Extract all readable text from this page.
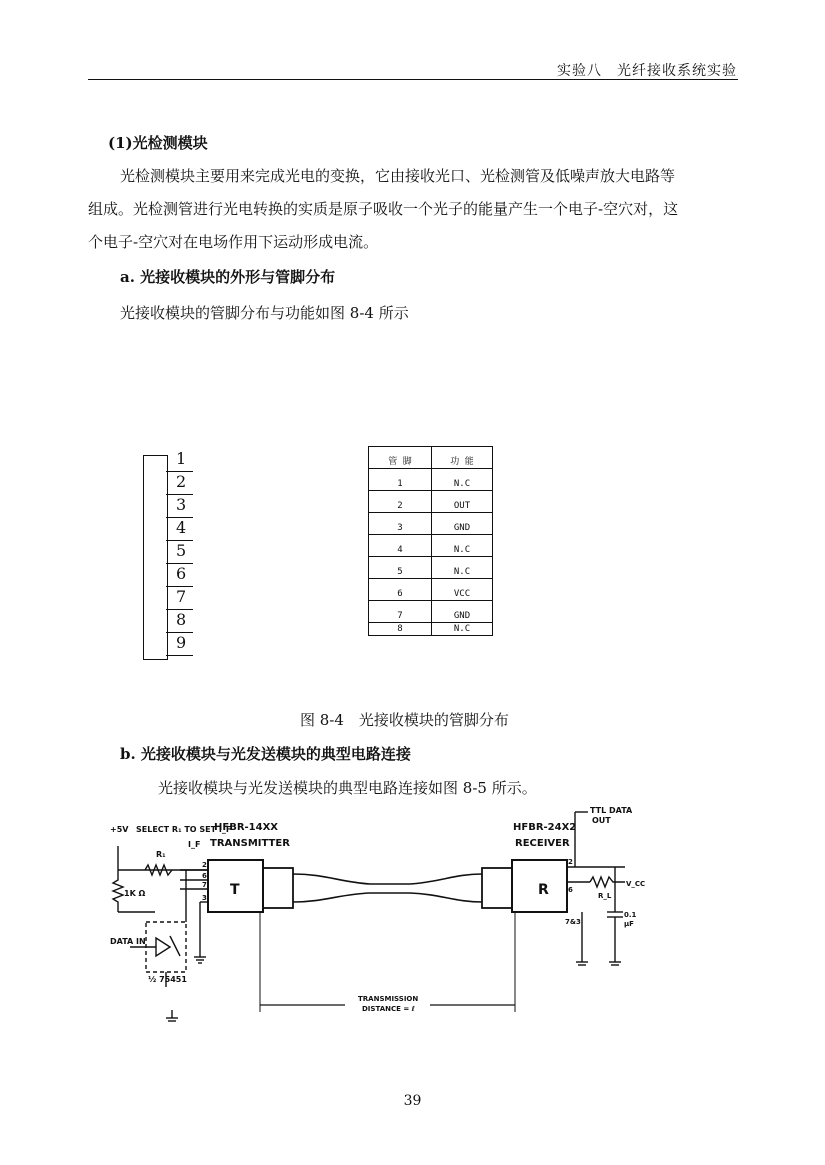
实验八　光纤接收系统实验
(1)光检测模块

光检测模块主要用来完成光电的变换，它由接收光口、光检测管及低噪声放大电路等

组成。光检测管进行光电转换的实质是原子吸收一个光子的能量产生一个电子-空穴对，这

个电子-空穴对在电场作用下运动形成电流。

a. 光接收模块的外形与管脚分布
光接收模块的管脚分布与功能如图 8-4 所示
1
2
3
4
5
6
7
8
9
管 脚	功 能
1	N.C
2	OUT
3	GND
4	N.C
5	N.C
6	VCC
7	GND
8	N.C
图 8-4　光接收模块的管脚分布
b. 光接收模块与光发送模块的典型电路连接
光接收模块与光发送模块的典型电路连接如图 8-5 所示。
+5V SELECT R₁ TO SET I_F
R₁
I_F
1K Ω
DATA IN
½ 75451
HFBR-14XX
TRANSMITTER
T
2
6
7
3
HFBR-24X2
RECEIVER
R
2
6
7&3
TTL DATA
OUT
R_L
V_CC
0.1
µF
TRANSMISSION
DISTANCE = ℓ
39
